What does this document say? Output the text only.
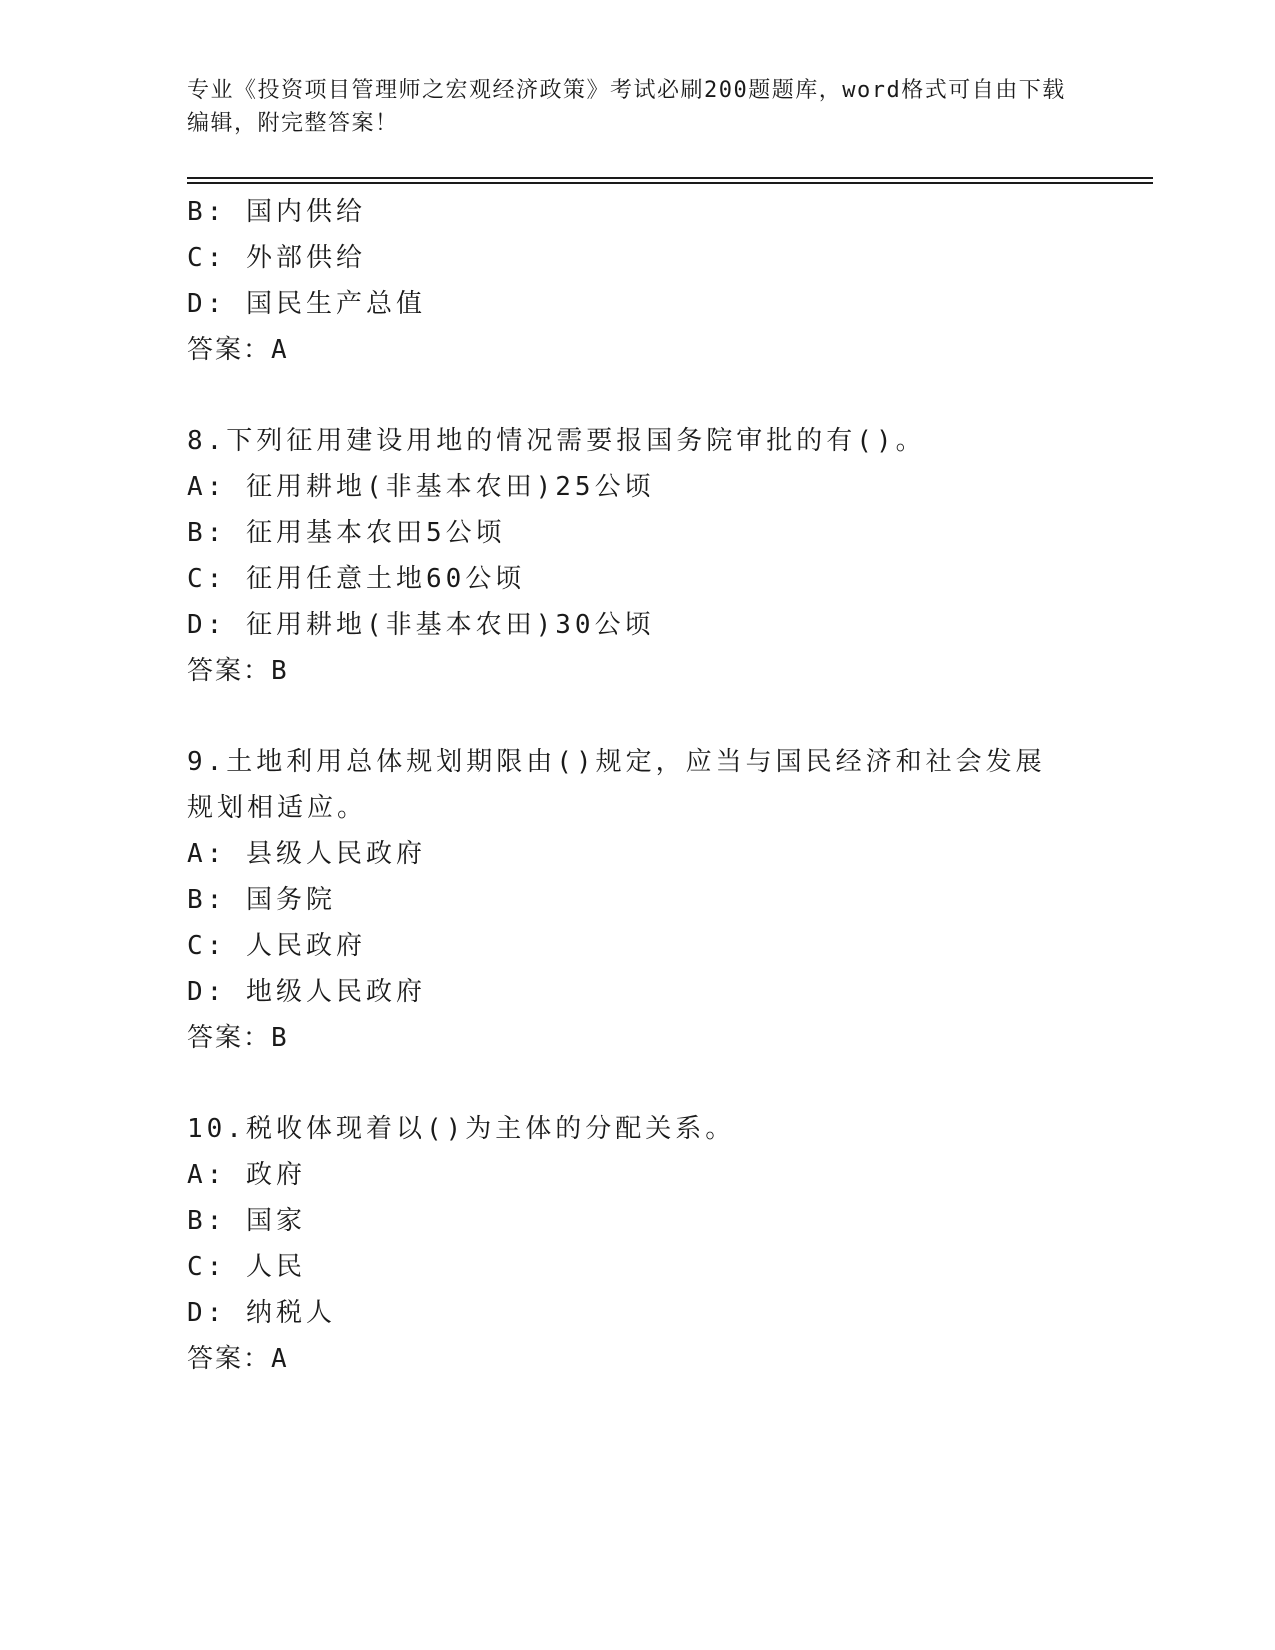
专业《投资项目管理师之宏观经济政策》考试必刷200题题库，word格式可自由下载编辑，附完整答案！
B: 国内供给
C: 外部供给
D: 国民生产总值
答案：A
8.下列征用建设用地的情况需要报国务院审批的有()。
A: 征用耕地(非基本农田)25公顷
B: 征用基本农田5公顷
C: 征用任意土地60公顷
D: 征用耕地(非基本农田)30公顷
答案：B
9.土地利用总体规划期限由()规定，应当与国民经济和社会发展规划相适应。
A: 县级人民政府
B: 国务院
C: 人民政府
D: 地级人民政府
答案：B
10.税收体现着以()为主体的分配关系。
A: 政府
B: 国家
C: 人民
D: 纳税人
答案：A
